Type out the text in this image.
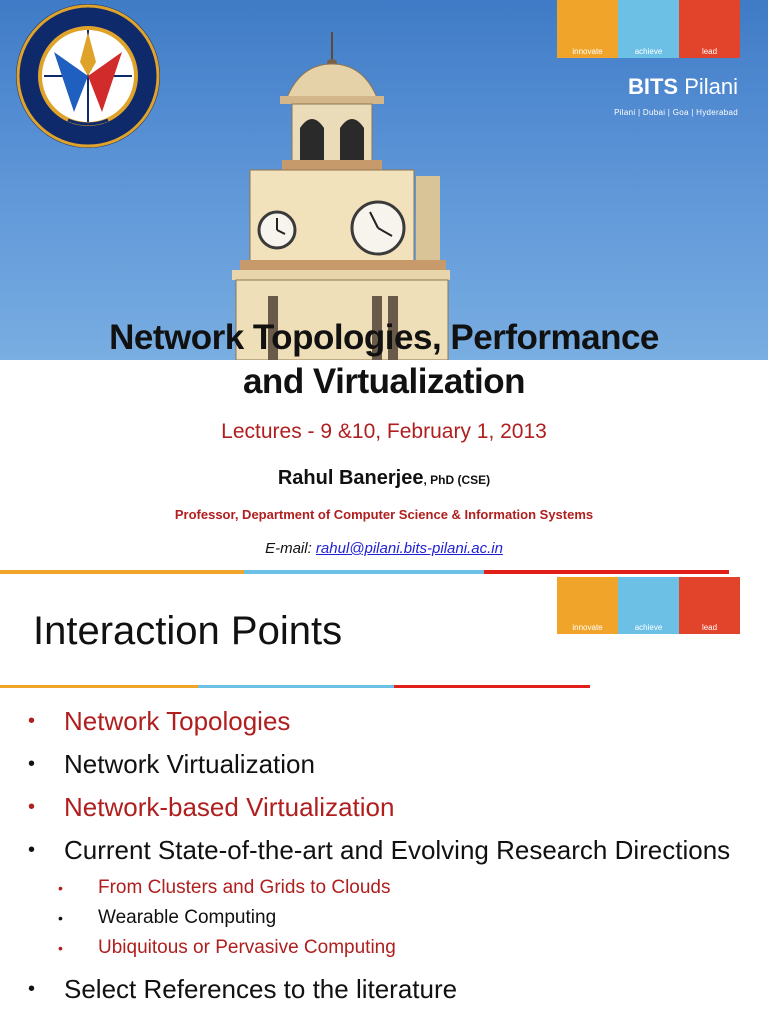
innovate	achieve	lead
BITS Pilani
Pilani | Dubai | Goa | Hyderabad
Network Topologies, Performance
and Virtualization
Lectures - 9 &10, February 1, 2013
Rahul Banerjee, PhD (CSE)
Professor, Department of Computer Science & Information Systems
E-mail: rahul@pilani.bits-pilani.ac.in
innovate	achieve	lead
Interaction Points
• Network Topologies
• Network Virtualization
• Network-based Virtualization
• Current State-of-the-art and Evolving Research Directions
• From Clusters and Grids to Clouds
• Wearable Computing
• Ubiquitous or Pervasive Computing
• Select References to the literature
